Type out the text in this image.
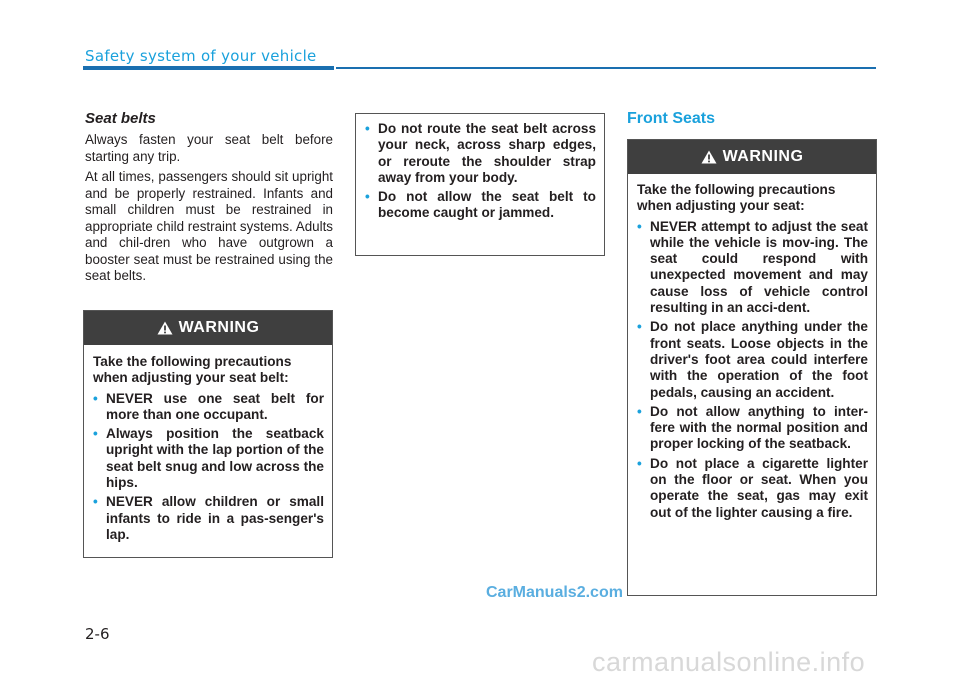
Safety system of your vehicle
Seat belts
Always fasten your seat belt before starting any trip.
At all times, passengers should sit upright and be properly restrained. Infants and small children must be restrained in appropriate child restraint systems. Adults and chil-dren who have outgrown a booster seat must be restrained using the seat belts.
WARNING
Take the following precautions when adjusting your seat belt:
• NEVER use one seat belt for more than one occupant.
• Always position the seatback upright with the lap portion of the seat belt snug and low across the hips.
• NEVER allow children or small infants to ride in a pas-senger's lap.
• Do not route the seat belt across your neck, across sharp edges, or reroute the shoulder strap away from your body.
• Do not allow the seat belt to become caught or jammed.
Front Seats
WARNING
Take the following precautions when adjusting your seat:
• NEVER attempt to adjust the seat while the vehicle is mov-ing. The seat could respond with unexpected movement and may cause loss of vehicle control resulting in an acci-dent.
• Do not place anything under the front seats. Loose objects in the driver's foot area could interfere with the operation of the foot pedals, causing an accident.
• Do not allow anything to inter-fere with the normal position and proper locking of the seatback.
• Do not place a cigarette lighter on the floor or seat. When you operate the seat, gas may exit out of the lighter causing a fire.
2-6
CarManuals2.com
carmanualsonline.info
